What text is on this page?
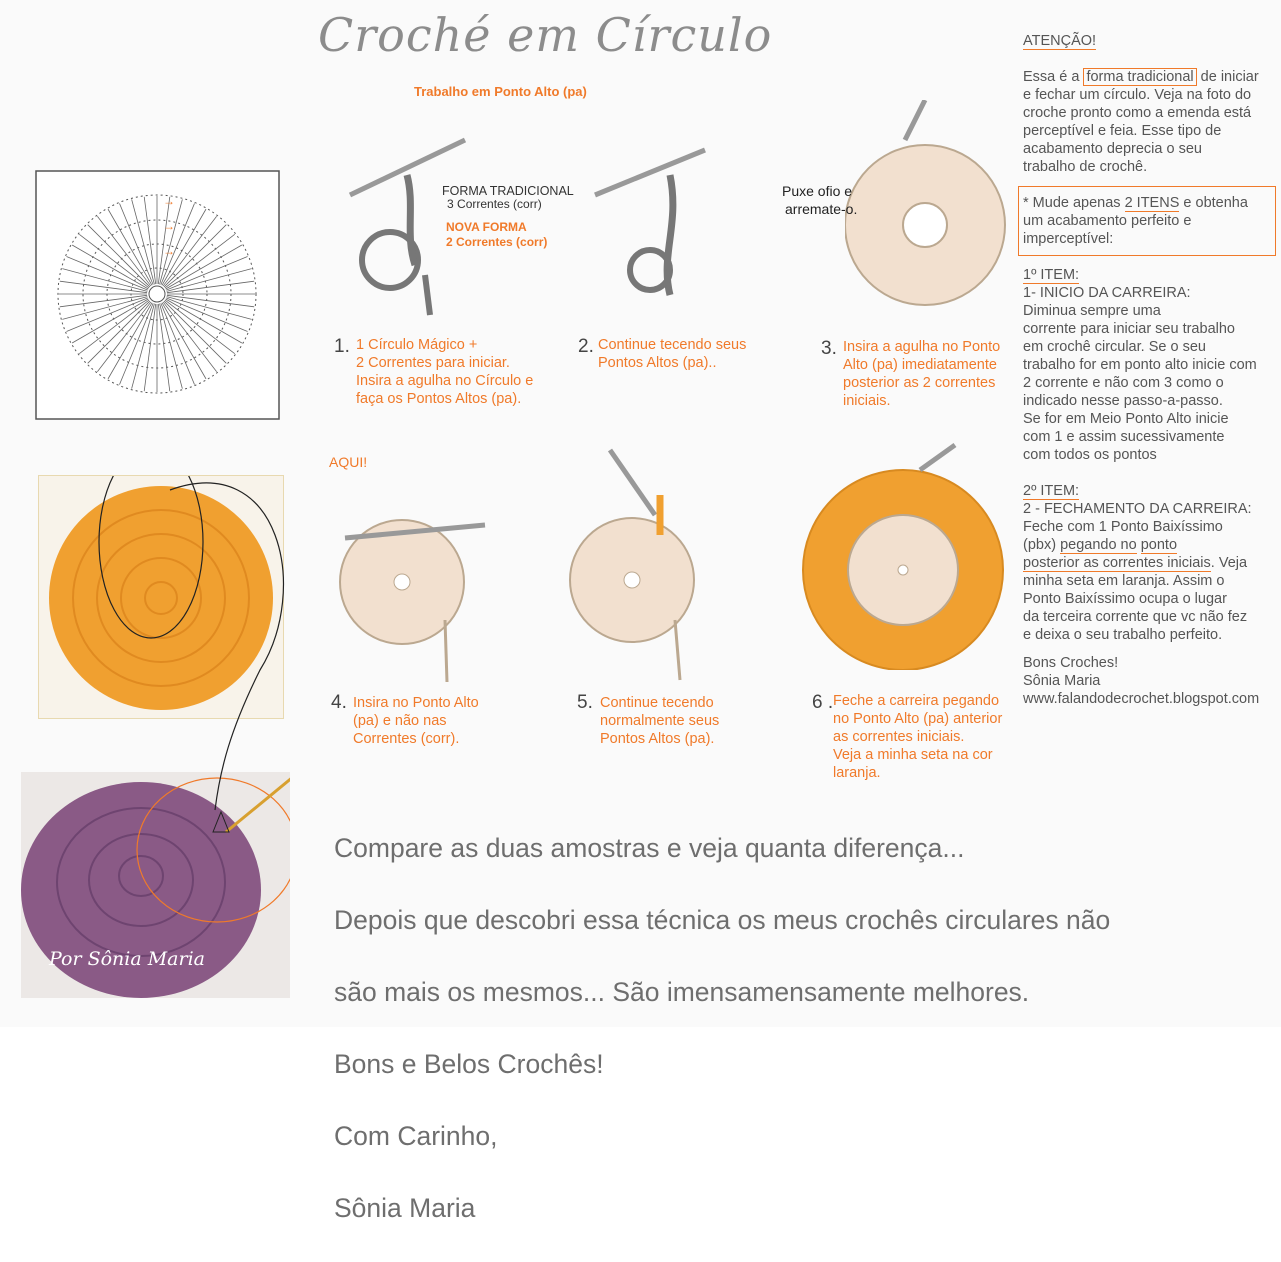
Croché em Círculo
Trabalho em Ponto Alto (pa)
→
→
→
Por Sônia Maria
FORMA TRADICIONAL
3 Correntes (corr)
NOVA FORMA
2 Correntes (corr)
Puxe ofio e
arremate-o.
AQUI!
1. 1 Círculo Mágico +
2 Correntes para iniciar.
Insira a agulha no Círculo e
faça os Pontos Altos (pa).
2. Continue tecendo seus
Pontos Altos (pa)..
3. Insira a agulha no Ponto
Alto (pa) imediatamente
posterior as 2 correntes
iniciais.
4. Insira no Ponto Alto
(pa) e não nas
Correntes (corr).
5. Continue tecendo
normalmente seus
Pontos Altos (pa).
6 . Feche a carreira pegando
no Ponto Alto (pa) anterior
as correntes iniciais.
Veja a minha seta na cor
laranja.
ATENÇÃO!
Essa é a forma tradicional de iniciar
e fechar um círculo. Veja na foto do
croche pronto como a emenda está
perceptível e feia. Esse tipo de
acabamento deprecia o seu
trabalho de crochê.
* Mude apenas 2 ITENS e obtenha
um acabamento perfeito e
imperceptível:
1º ITEM:
1- INICIO DA CARREIRA:
Diminua sempre uma
corrente para iniciar seu trabalho
em crochê circular. Se o seu
trabalho for em ponto alto inicie com
2 corrente e não com 3 como o
indicado nesse passo-a-passo.
Se for em Meio Ponto Alto inicie
com 1 e assim sucessivamente
com todos os pontos
2º ITEM:
2 - FECHAMENTO DA CARREIRA:
Feche com 1 Ponto Baixíssimo
(pbx) pegando no ponto
posterior as correntes iniciais. Veja
minha seta em laranja. Assim o
Ponto Baixíssimo ocupa o lugar
da terceira corrente que vc não fez
e deixa o seu trabalho perfeito.
Bons Croches!
Sônia Maria
www.falandodecrochet.blogspot.com

Compare as duas amostras e veja quanta diferença...

Depois que descobri essa técnica os meus crochês circulares não

são mais os mesmos... São imensamensamente melhores.

Bons e Belos Crochês!

Com Carinho,

Sônia Maria
